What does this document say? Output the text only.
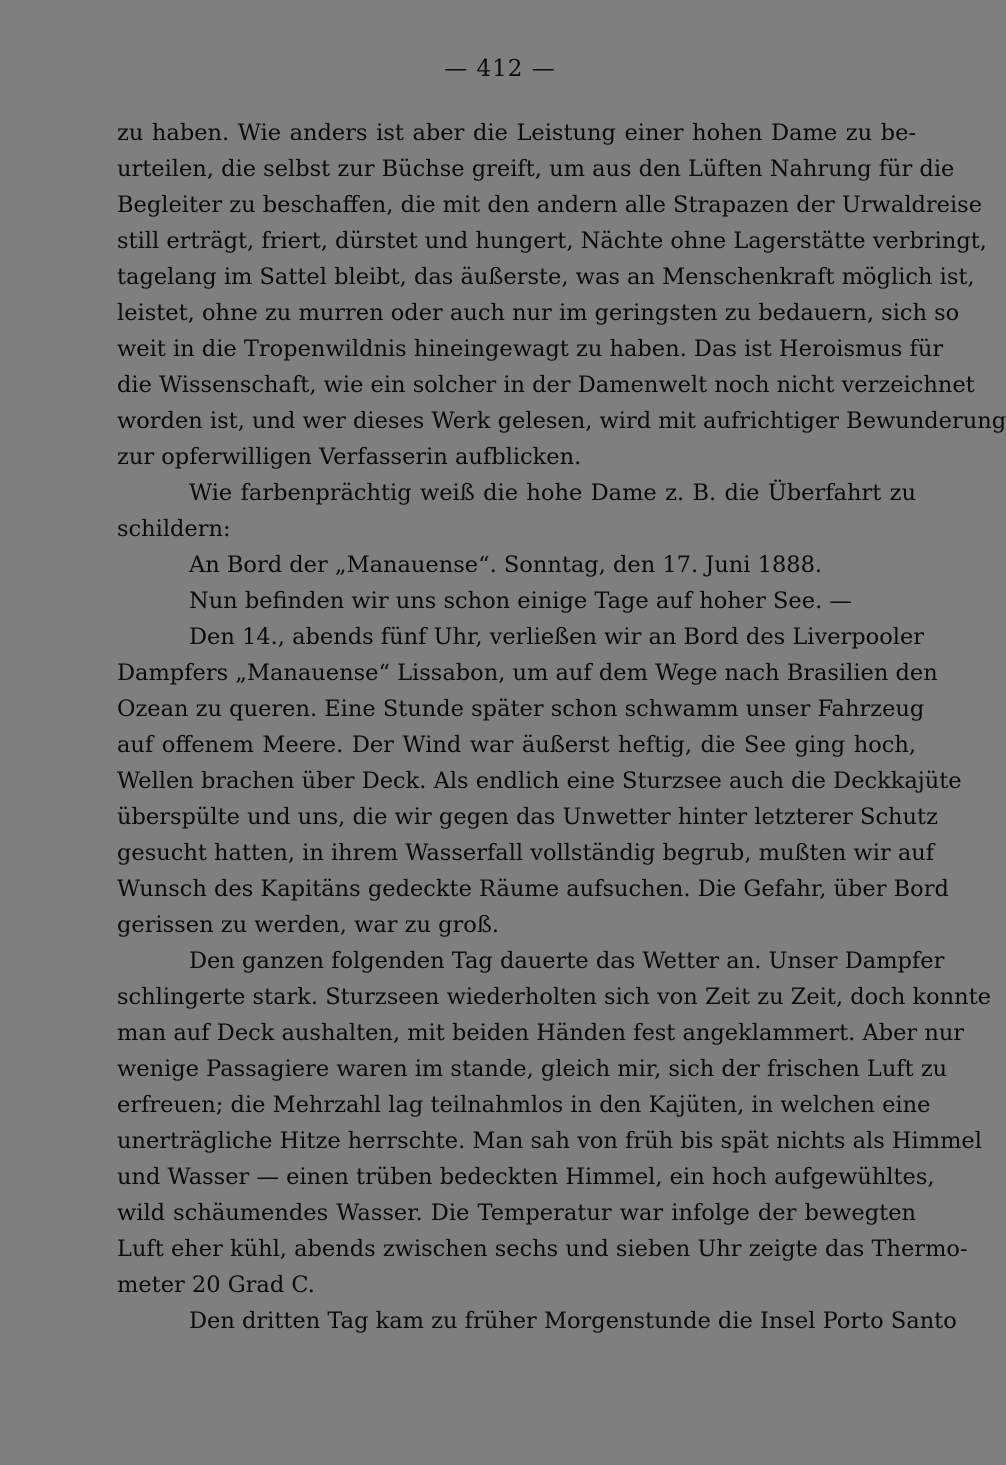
— 412 —
zu haben. Wie anders ist aber die Leistung einer hohen Dame zu be-
urteilen, die selbst zur Büchse greift, um aus den Lüften Nahrung für die
Begleiter zu beschaffen, die mit den andern alle Strapazen der Urwaldreise
still erträgt, friert, dürstet und hungert, Nächte ohne Lagerstätte verbringt,
tagelang im Sattel bleibt, das äußerste, was an Menschenkraft möglich ist,
leistet, ohne zu murren oder auch nur im geringsten zu bedauern, sich so
weit in die Tropenwildnis hineingewagt zu haben. Das ist Heroismus für
die Wissenschaft, wie ein solcher in der Damenwelt noch nicht verzeichnet
worden ist, und wer dieses Werk gelesen, wird mit aufrichtiger Bewunderung
zur opferwilligen Verfasserin aufblicken.
Wie farbenprächtig weiß die hohe Dame z. B. die Überfahrt zu
schildern:
An Bord der „Manauense“. Sonntag, den 17. Juni 1888.
Nun befinden wir uns schon einige Tage auf hoher See. —
Den 14., abends fünf Uhr, verließen wir an Bord des Liverpooler
Dampfers „Manauense“ Lissabon, um auf dem Wege nach Brasilien den
Ozean zu queren. Eine Stunde später schon schwamm unser Fahrzeug
auf offenem Meere. Der Wind war äußerst heftig, die See ging hoch,
Wellen brachen über Deck. Als endlich eine Sturzsee auch die Deckkajüte
überspülte und uns, die wir gegen das Unwetter hinter letzterer Schutz
gesucht hatten, in ihrem Wasserfall vollständig begrub, mußten wir auf
Wunsch des Kapitäns gedeckte Räume aufsuchen. Die Gefahr, über Bord
gerissen zu werden, war zu groß.
Den ganzen folgenden Tag dauerte das Wetter an. Unser Dampfer
schlingerte stark. Sturzseen wiederholten sich von Zeit zu Zeit, doch konnte
man auf Deck aushalten, mit beiden Händen fest angeklammert. Aber nur
wenige Passagiere waren im stande, gleich mir, sich der frischen Luft zu
erfreuen; die Mehrzahl lag teilnahmlos in den Kajüten, in welchen eine
unerträgliche Hitze herrschte. Man sah von früh bis spät nichts als Himmel
und Wasser — einen trüben bedeckten Himmel, ein hoch aufgewühltes,
wild schäumendes Wasser. Die Temperatur war infolge der bewegten
Luft eher kühl, abends zwischen sechs und sieben Uhr zeigte das Thermo-
meter 20 Grad C.
Den dritten Tag kam zu früher Morgenstunde die Insel Porto Santo
